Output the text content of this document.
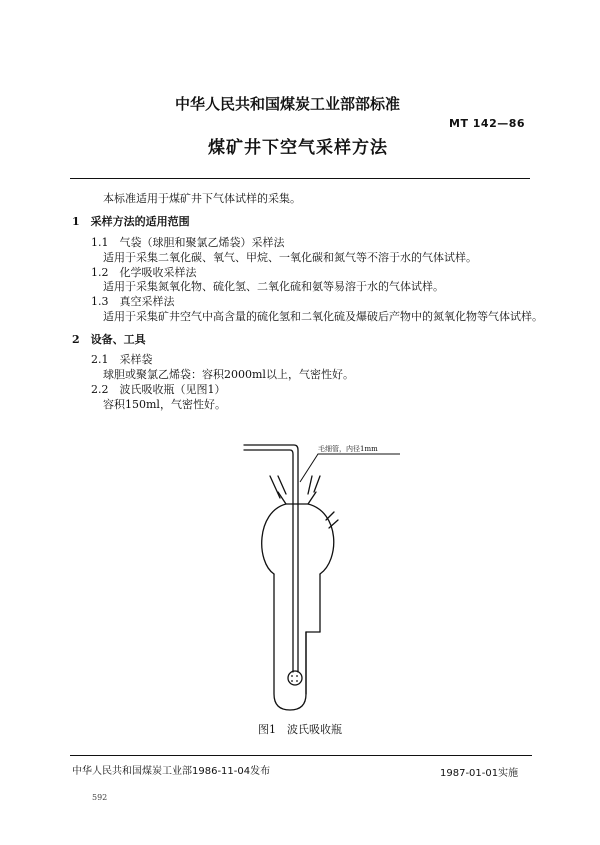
中华人民共和国煤炭工业部部标准
MT 142—86
煤矿井下空气采样方法
本标准适用于煤矿井下气体试样的采集。
1　采样方法的适用范围
1.1　气袋（球胆和聚氯乙烯袋）采样法
适用于采集二氧化碳、氧气、甲烷、一氧化碳和氮气等不溶于水的气体试样。
1.2　化学吸收采样法
适用于采集氮氧化物、硫化氢、二氧化硫和氨等易溶于水的气体试样。
1.3　真空采样法
适用于采集矿井空气中高含量的硫化氢和二氧化硫及爆破后产物中的氮氧化物等气体试样。
2　设备、工具
2.1　采样袋
球胆或聚氯乙烯袋：容积2000ml以上，气密性好。
2.2　波氏吸收瓶（见图1）
容积150ml，气密性好。
毛细管，内径1mm
图1　波氏吸收瓶
中华人民共和国煤炭工业部1986-11-04发布	1987-01-01实施
592
